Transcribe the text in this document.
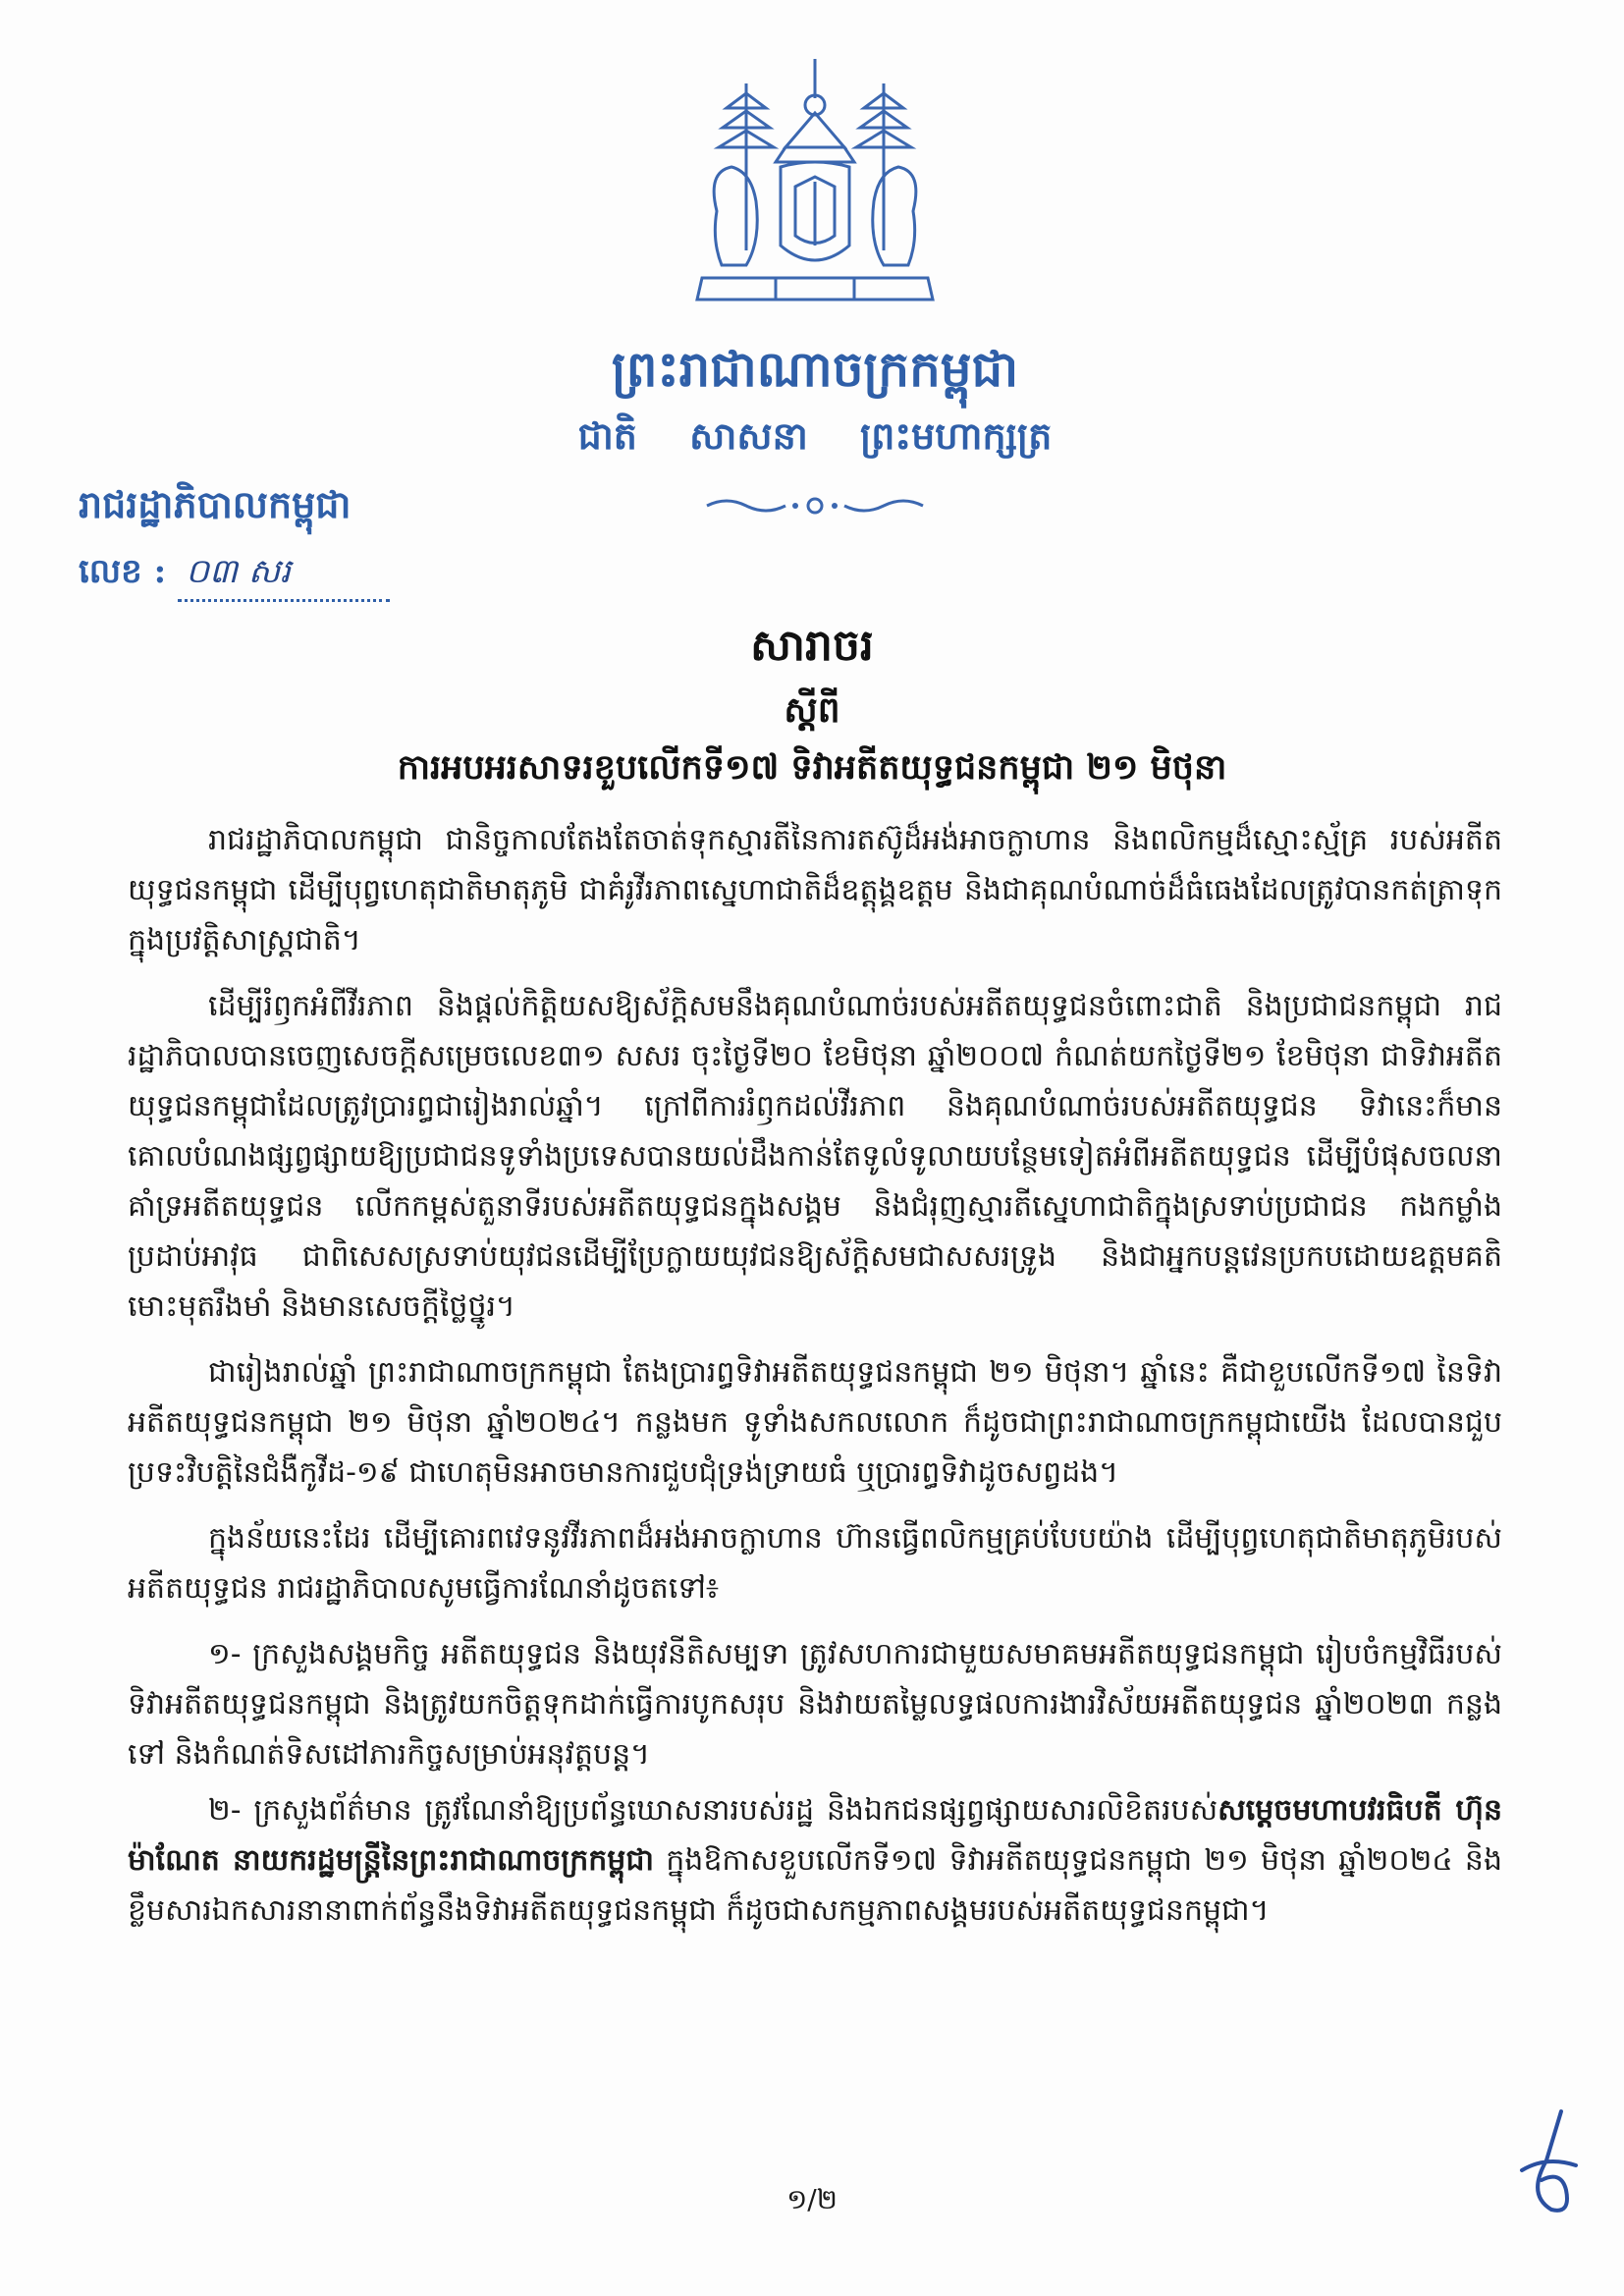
ព្រះរាជាណាចក្រកម្ពុជា
ជាតិ សាសនា ព្រះមហាក្សត្រ
រាជរដ្ឋាភិបាលកម្ពុជា
លេខ : ០៣ សរ
សារាចរ
ស្តីពី
ការអបអរសាទរខួបលើកទី១៧ ទិវាអតីតយុទ្ធជនកម្ពុជា ២១ មិថុនា

រាជរដ្ឋាភិបាលកម្ពុជា ជានិច្ចកាលតែងតែចាត់ទុកស្មារតីនៃការតស៊ូដ៏អង់អាចក្លាហាន និងពលិកម្មដ៏ស្មោះស្ម័គ្រ របស់អតីតយុទ្ធជនកម្ពុជា ដើម្បីបុព្វហេតុជាតិមាតុភូមិ ជាគំរូវីរភាពស្នេហាជាតិដ៏ឧត្តុង្គឧត្តម និងជាគុណបំណាច់ដ៏ធំធេងដែលត្រូវបានកត់ត្រាទុកក្នុងប្រវត្តិសាស្ត្រជាតិ។

ដើម្បីរំឭកអំពីវីរភាព និងផ្តល់កិត្តិយសឱ្យស័ក្តិសមនឹងគុណបំណាច់របស់អតីតយុទ្ធជនចំពោះជាតិ និងប្រជាជនកម្ពុជា រាជរដ្ឋាភិបាលបានចេញសេចក្តីសម្រេចលេខ៣១ សសរ ចុះថ្ងៃទី២០ ខែមិថុនា ឆ្នាំ២០០៧ កំណត់យកថ្ងៃទី២១ ខែមិថុនា ជាទិវាអតីតយុទ្ធជនកម្ពុជាដែលត្រូវប្រារព្ធជារៀងរាល់ឆ្នាំ។ ក្រៅពីការរំឭកដល់វីរភាព និងគុណបំណាច់របស់អតីតយុទ្ធជន ទិវានេះក៏មានគោលបំណងផ្សព្វផ្សាយឱ្យប្រជាជនទូទាំងប្រទេសបានយល់ដឹងកាន់តែទូលំទូលាយបន្ថែមទៀតអំពីអតីតយុទ្ធជន ដើម្បីបំផុសចលនាគាំទ្រអតីតយុទ្ធជន លើកកម្ពស់តួនាទីរបស់អតីតយុទ្ធជនក្នុងសង្គម និងជំរុញស្មារតីស្នេហាជាតិក្នុងស្រទាប់ប្រជាជន កងកម្លាំងប្រដាប់អាវុធ ជាពិសេសស្រទាប់យុវជនដើម្បីប្រែក្លាយយុវជនឱ្យស័ក្តិសមជាសសរទ្រូង និងជាអ្នកបន្តវេនប្រកបដោយឧត្តមគតិ មោះមុតរឹងមាំ និងមានសេចក្តីថ្លៃថ្នូរ។

ជារៀងរាល់ឆ្នាំ ព្រះរាជាណាចក្រកម្ពុជា តែងប្រារព្ធទិវាអតីតយុទ្ធជនកម្ពុជា ២១ មិថុនា។ ឆ្នាំនេះ គឺជាខួបលើកទី១៧ នៃទិវាអតីតយុទ្ធជនកម្ពុជា ២១ មិថុនា ឆ្នាំ២០២៤។ កន្លងមក ទូទាំងសកលលោក ក៏ដូចជាព្រះរាជាណាចក្រកម្ពុជាយើង ដែលបានជួបប្រទះវិបត្តិនៃជំងឺកូវីដ-១៩ ជាហេតុមិនអាចមានការជួបជុំទ្រង់ទ្រាយធំ ឬប្រារព្ធទិវាដូចសព្វដង។

ក្នុងន័យនេះដែរ ដើម្បីគោរពវេទនូវវីរភាពដ៏អង់អាចក្លាហាន ហ៊ានធ្វើពលិកម្មគ្រប់បែបយ៉ាង ដើម្បីបុព្វហេតុជាតិមាតុភូមិរបស់អតីតយុទ្ធជន រាជរដ្ឋាភិបាលសូមធ្វើការណែនាំដូចតទៅ៖

១- ក្រសួងសង្គមកិច្ច អតីតយុទ្ធជន និងយុវនីតិសម្បទា ត្រូវសហការជាមួយសមាគមអតីតយុទ្ធជនកម្ពុជា រៀបចំកម្មវិធីរបស់ទិវាអតីតយុទ្ធជនកម្ពុជា និងត្រូវយកចិត្តទុកដាក់ធ្វើការបូកសរុប និងវាយតម្លៃលទ្ធផលការងារវិស័យអតីតយុទ្ធជន ឆ្នាំ២០២៣ កន្លងទៅ និងកំណត់ទិសដៅភារកិច្ចសម្រាប់អនុវត្តបន្ត។

២- ក្រសួងព័ត៌មាន ត្រូវណែនាំឱ្យប្រព័ន្ធឃោសនារបស់រដ្ឋ និងឯកជនផ្សព្វផ្សាយសារលិខិតរបស់សម្តេចមហាបវរធិបតី ហ៊ុន ម៉ាណែត នាយករដ្ឋមន្ត្រីនៃព្រះរាជាណាចក្រកម្ពុជា ក្នុងឱកាសខួបលើកទី១៧ ទិវាអតីតយុទ្ធជនកម្ពុជា ២១ មិថុនា ឆ្នាំ២០២៤ និងខ្លឹមសារឯកសារនានាពាក់ព័ន្ធនឹងទិវាអតីតយុទ្ធជនកម្ពុជា ក៏ដូចជាសកម្មភាពសង្គមរបស់អតីតយុទ្ធជនកម្ពុជា។

១/២
